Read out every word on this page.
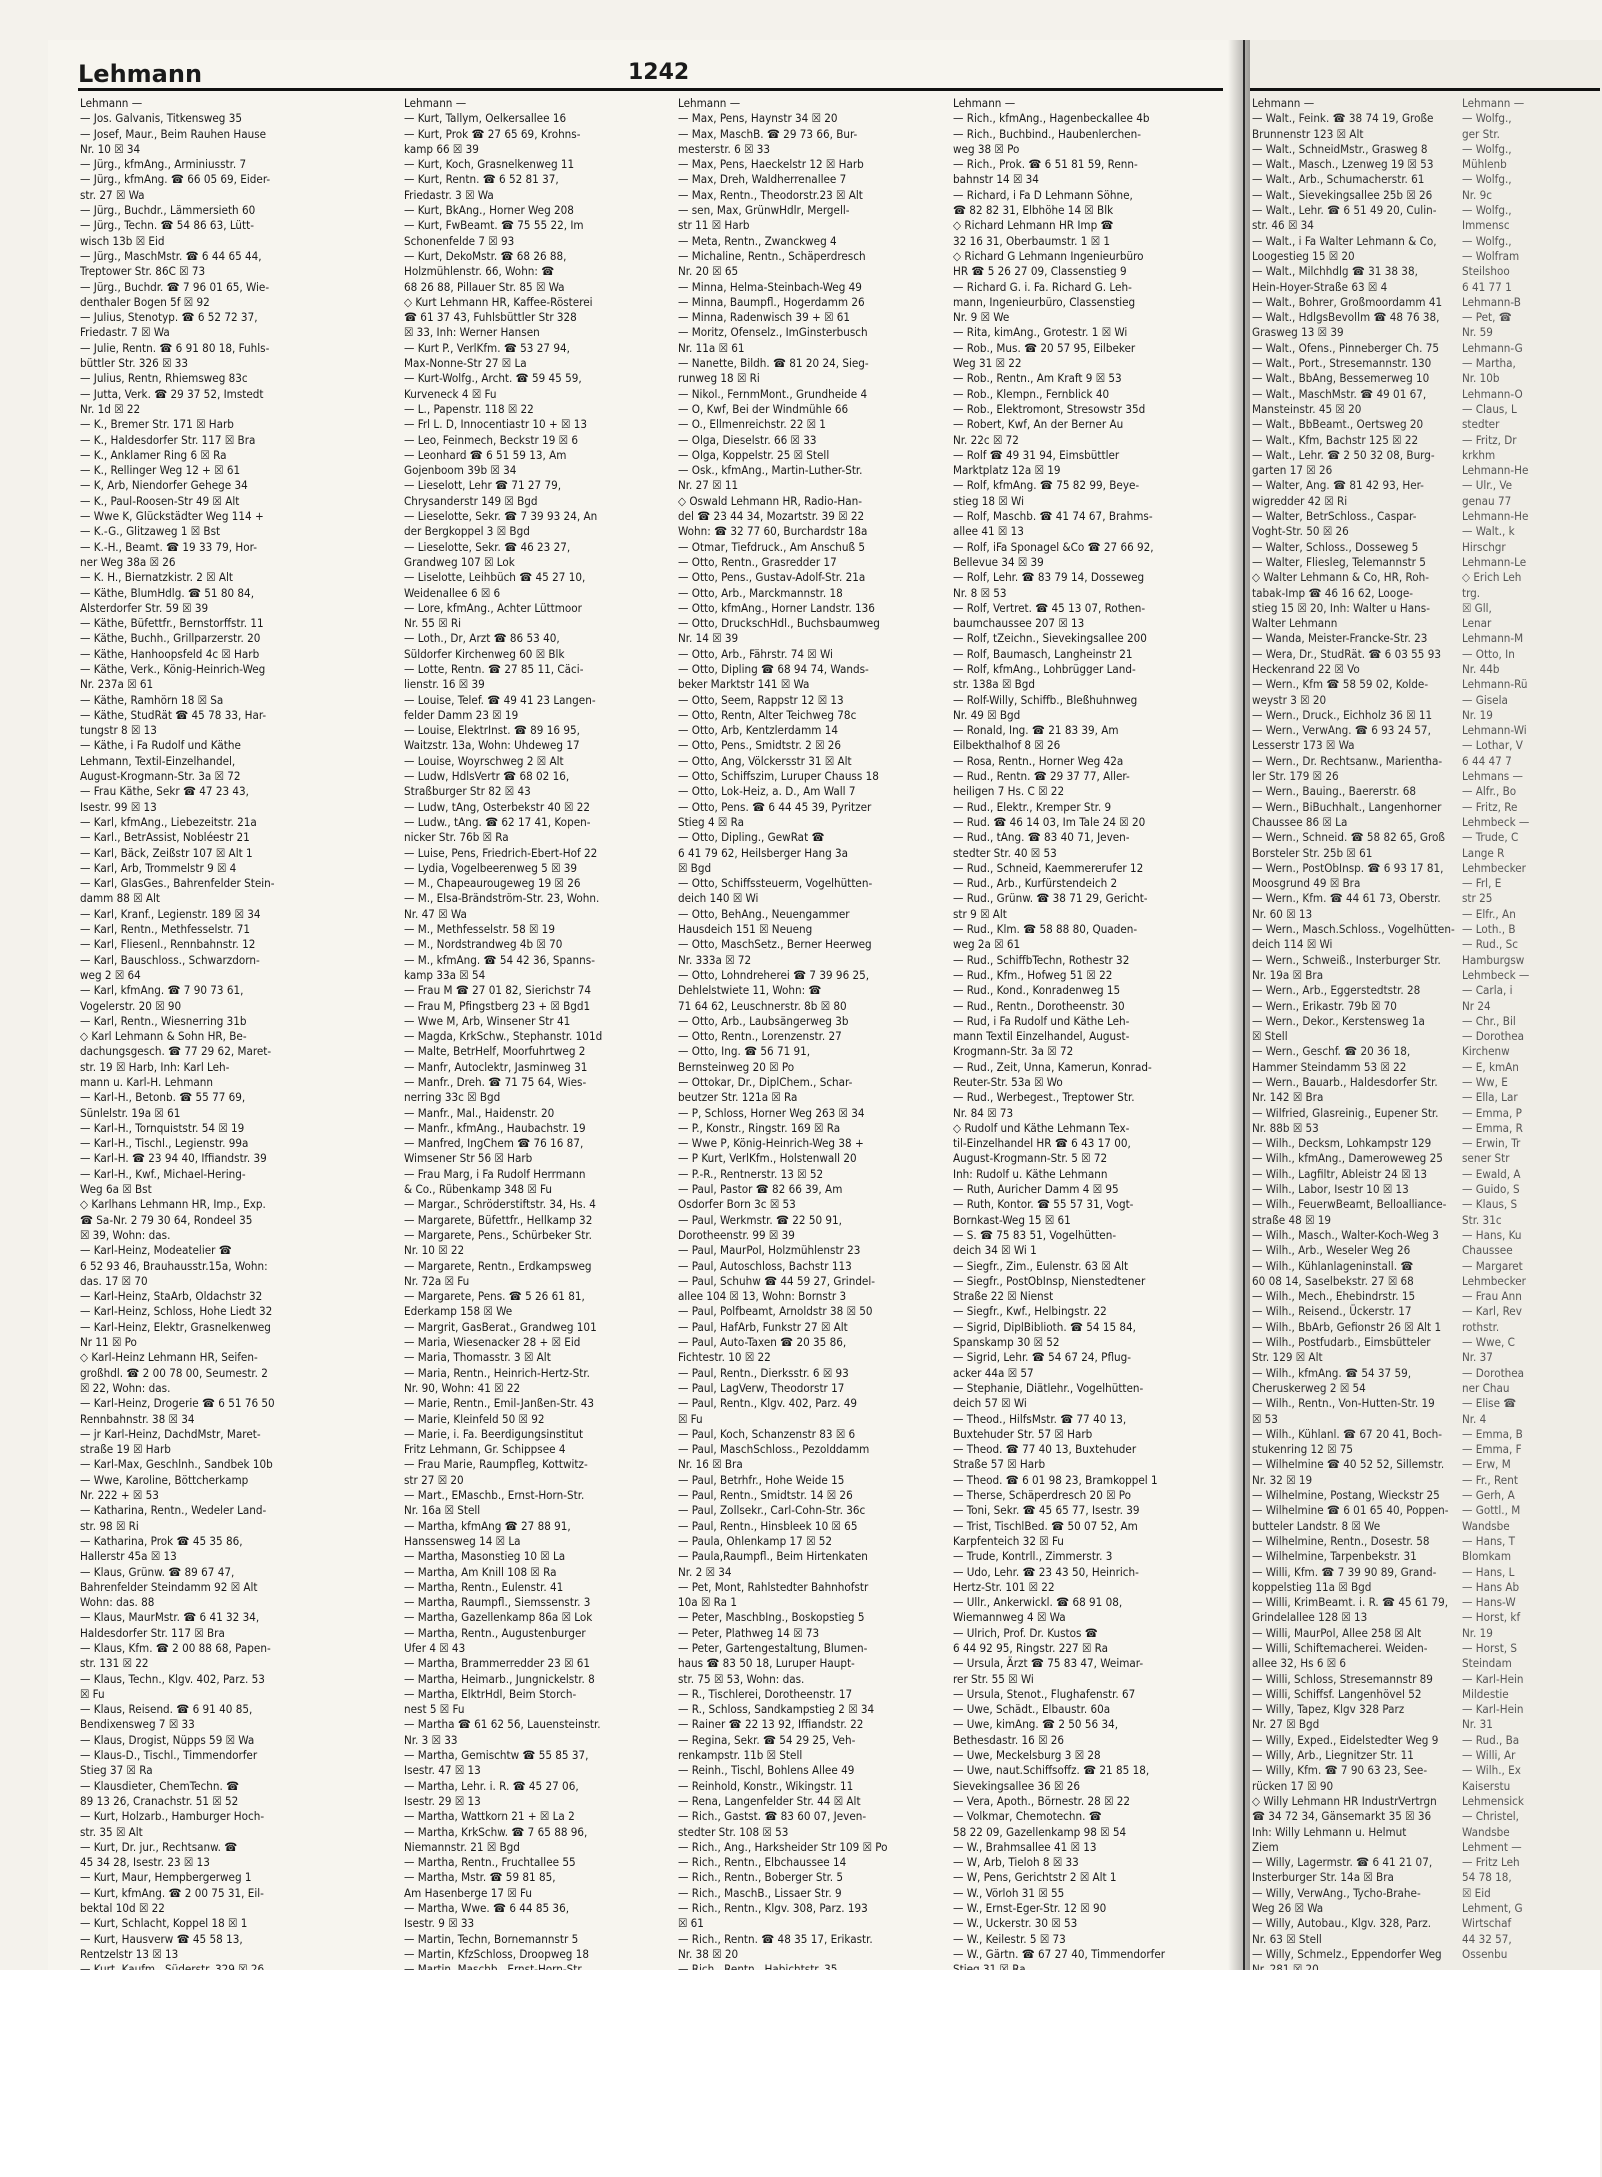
Lehmann	1242
Lehmann —
— Jos. Galvanis, Titkensweg 35
— Josef, Maur., Beim Rauhen Hause
Nr. 10 ☒ 34
— Jürg., kfmAng., Arminiusstr. 7
— Jürg., kfmAng. ☎ 66 05 69, Eider-
str. 27 ☒ Wa
— Jürg., Buchdr., Lämmersieth 60
— Jürg., Techn. ☎ 54 86 63, Lütt-
wisch 13b ☒ Eid
— Jürg., MaschMstr. ☎ 6 44 65 44,
Treptower Str. 86C ☒ 73
— Jürg., Buchdr. ☎ 7 96 01 65, Wie-
denthaler Bogen 5f ☒ 92
— Julius, Stenotyp. ☎ 6 52 72 37,
Friedastr. 7 ☒ Wa
— Julie, Rentn. ☎ 6 91 80 18, Fuhls-
büttler Str. 326 ☒ 33
— Julius, Rentn, Rhiemsweg 83c
— Jutta, Verk. ☎ 29 37 52, Imstedt
Nr. 1d ☒ 22
— K., Bremer Str. 171 ☒ Harb
— K., Haldesdorfer Str. 117 ☒ Bra
— K., Anklamer Ring 6 ☒ Ra
— K., Rellinger Weg 12 + ☒ 61
— K, Arb, Niendorfer Gehege 34
— K., Paul-Roosen-Str 49 ☒ Alt
— Wwe K, Glückstädter Weg 114 +
— K.-G., Glitzaweg 1 ☒ Bst
— K.-H., Beamt. ☎ 19 33 79, Hor-
ner Weg 38a ☒ 26
— K. H., Biernatzkistr. 2 ☒ Alt
— Käthe, BlumHdlg. ☎ 51 80 84,
Alsterdorfer Str. 59 ☒ 39
— Käthe, Büfettfr., Bernstorffstr. 11
— Käthe, Buchh., Grillparzerstr. 20
— Käthe, Hanhoopsfeld 4c ☒ Harb
— Käthe, Verk., König-Heinrich-Weg
Nr. 237a ☒ 61
— Käthe, Ramhörn 18 ☒ Sa
— Käthe, StudRät ☎ 45 78 33, Har-
tungstr 8 ☒ 13
— Käthe, i Fa Rudolf und Käthe
Lehmann, Textil-Einzelhandel,
August-Krogmann-Str. 3a ☒ 72
— Frau Käthe, Sekr ☎ 47 23 43,
Isestr. 99 ☒ 13
— Karl, kfmAng., Liebezeitstr. 21a
— Karl., BetrAssist, Nobléestr 21
— Karl, Bäck, Zeißstr 107 ☒ Alt 1
— Karl, Arb, Trommelstr 9 ☒ 4
— Karl, GlasGes., Bahrenfelder Stein-
damm 88 ☒ Alt
— Karl, Kranf., Legienstr. 189 ☒ 34
— Karl, Rentn., Methfesselstr. 71
— Karl, Fliesenl., Rennbahnstr. 12
— Karl, Bauschloss., Schwarzdorn-
weg 2 ☒ 64
— Karl, kfmAng. ☎ 7 90 73 61,
Vogelerstr. 20 ☒ 90
— Karl, Rentn., Wiesnerring 31b
◇ Karl Lehmann & Sohn HR, Be-
dachungsgesch. ☎ 77 29 62, Maret-
str. 19 ☒ Harb, Inh: Karl Leh-
mann u. Karl-H. Lehmann
— Karl-H., Betonb. ☎ 55 77 69,
Sünlelstr. 19a ☒ 61
— Karl-H., Tornquiststr. 54 ☒ 19
— Karl-H., Tischl., Legienstr. 99a
— Karl-H. ☎ 23 94 40, Iffiandstr. 39
— Karl-H., Kwf., Michael-Hering-
Weg 6a ☒ Bst
◇ Karlhans Lehmann HR, Imp., Exp.
☎ Sa-Nr. 2 79 30 64, Rondeel 35
☒ 39, Wohn: das.
— Karl-Heinz, Modeatelier ☎
6 52 93 46, Brauhausstr.15a, Wohn:
das. 17 ☒ 70
— Karl-Heinz, StaArb, Oldachstr 32
— Karl-Heinz, Schloss, Hohe Liedt 32
— Karl-Heinz, Elektr, Grasnelkenweg
Nr 11 ☒ Po
◇ Karl-Heinz Lehmann HR, Seifen-
großhdl. ☎ 2 00 78 00, Seumestr. 2
☒ 22, Wohn: das.
— Karl-Heinz, Drogerie ☎ 6 51 76 50
Rennbahnstr. 38 ☒ 34
— jr Karl-Heinz, DachdMstr, Maret-
straße 19 ☒ Harb
— Karl-Max, Geschlnh., Sandbek 10b
— Wwe, Karoline, Böttcherkamp
Nr. 222 + ☒ 53
— Katharina, Rentn., Wedeler Land-
str. 98 ☒ Ri
— Katharina, Prok ☎ 45 35 86,
Hallerstr 45a ☒ 13
— Klaus, Grünw. ☎ 89 67 47,
Bahrenfelder Steindamm 92 ☒ Alt
Wohn: das. 88
— Klaus, MaurMstr. ☎ 6 41 32 34,
Haldesdorfer Str. 117 ☒ Bra
— Klaus, Kfm. ☎ 2 00 88 68, Papen-
str. 131 ☒ 22
— Klaus, Techn., Klgv. 402, Parz. 53
☒ Fu
— Klaus, Reisend. ☎ 6 91 40 85,
Bendixensweg 7 ☒ 33
— Klaus, Drogist, Nüpps 59 ☒ Wa
— Klaus-D., Tischl., Timmendorfer
Stieg 37 ☒ Ra
— Klausdieter, ChemTechn. ☎
89 13 26, Cranachstr. 51 ☒ 52
— Kurt, Holzarb., Hamburger Hoch-
str. 35 ☒ Alt
— Kurt, Dr. jur., Rechtsanw. ☎
45 34 28, Isestr. 23 ☒ 13
— Kurt, Maur, Hempbergerweg 1
— Kurt, kfmAng. ☎ 2 00 75 31, Eil-
bektal 10d ☒ 22
— Kurt, Schlacht, Koppel 18 ☒ 1
— Kurt, Hausverw ☎ 45 58 13,
Rentzelstr 13 ☒ 13
Lehmann —
— Kurt, Tallym, Oelkersallee 16
— Kurt, Prok ☎ 27 65 69, Krohns-
kamp 66 ☒ 39
— Kurt, Koch, Grasnelkenweg 11
— Kurt, Rentn. ☎ 6 52 81 37,
Friedastr. 3 ☒ Wa
— Kurt, BkAng., Horner Weg 208
— Kurt, FwBeamt. ☎ 75 55 22, Im
Schonenfelde 7 ☒ 93
— Kurt, DekoMstr. ☎ 68 26 88,
Holzmühlenstr. 66, Wohn: ☎
68 26 88, Pillauer Str. 85 ☒ Wa
◇ Kurt Lehmann HR, Kaffee-Rösterei
☎ 61 37 43, Fuhlsbüttler Str 328
☒ 33, Inh: Werner Hansen
— Kurt P., VerlKfm. ☎ 53 27 94,
Max-Nonne-Str 27 ☒ La
— Kurt-Wolfg., Archt. ☎ 59 45 59,
Kurveneck 4 ☒ Fu
— L., Papenstr. 118 ☒ 22
— Frl L. D, Innocentiastr 10 + ☒ 13
— Leo, Feinmech, Beckstr 19 ☒ 6
— Leonhard ☎ 6 51 59 13, Am
Gojenboom 39b ☒ 34
— Lieselott, Lehr ☎ 71 27 79,
Chrysanderstr 149 ☒ Bgd
— Lieselotte, Sekr. ☎ 7 39 93 24, An
der Bergkoppel 3 ☒ Bgd
— Lieselotte, Sekr. ☎ 46 23 27,
Grandweg 107 ☒ Lok
— Liselotte, Leihbüch ☎ 45 27 10,
Weidenallee 6 ☒ 6
— Lore, kfmAng., Achter Lüttmoor
Nr. 55 ☒ Ri
— Loth., Dr, Arzt ☎ 86 53 40,
Süldorfer Kirchenweg 60 ☒ Blk
— Lotte, Rentn. ☎ 27 85 11, Cäci-
lienstr. 16 ☒ 39
— Louise, Telef. ☎ 49 41 23 Langen-
felder Damm 23 ☒ 19
— Louise, ElektrInst. ☎ 89 16 95,
Waitzstr. 13a, Wohn: Uhdeweg 17
— Louise, Woyrschweg 2 ☒ Alt
— Ludw, HdlsVertr ☎ 68 02 16,
Straßburger Str 82 ☒ 43
— Ludw, tAng, Osterbekstr 40 ☒ 22
— Ludw., tAng. ☎ 62 17 41, Kopen-
nicker Str. 76b ☒ Ra
— Luise, Pens, Friedrich-Ebert-Hof 22
— Lydia, Vogelbeerenweg 5 ☒ 39
— M., Chapeaurougeweg 19 ☒ 26
— M., Elsa-Brändström-Str. 23, Wohn.
Nr. 47 ☒ Wa
— M., Methfesselstr. 58 ☒ 19
— M., Nordstrandweg 4b ☒ 70
— M., kfmAng. ☎ 54 42 36, Spanns-
kamp 33a ☒ 54
— Frau M ☎ 27 01 82, Sierichstr 74
— Frau M, Pfingstberg 23 + ☒ Bgd1
— Wwe M, Arb, Winsener Str 41
— Magda, KrkSchw., Stephanstr. 101d
— Malte, BetrHelf, Moorfuhrtweg 2
— Manfr, Autoclektr, Jasminweg 31
— Manfr., Dreh. ☎ 71 75 64, Wies-
nerring 33c ☒ Bgd
— Manfr., Mal., Haidenstr. 20
— Manfr., kfmAng., Haubachstr. 19
— Manfred, IngChem ☎ 76 16 87,
Wimsener Str 56 ☒ Harb
— Frau Marg, i Fa Rudolf Herrmann
& Co., Rübenkamp 348 ☒ Fu
— Margar., Schröderstiftstr. 34, Hs. 4
— Margarete, Büfettfr., Hellkamp 32
— Margarete, Pens., Schürbeker Str.
Nr. 10 ☒ 22
— Margarete, Rentn., Erdkampsweg
Nr. 72a ☒ Fu
— Margarete, Pens. ☎ 5 26 61 81,
Ederkamp 158 ☒ We
— Margrit, GasBerat., Grandweg 101
— Maria, Wiesenacker 28 + ☒ Eid
— Maria, Thomasstr. 3 ☒ Alt
— Maria, Rentn., Heinrich-Hertz-Str.
Nr. 90, Wohn: 41 ☒ 22
— Marie, Rentn., Emil-Janßen-Str. 43
— Marie, Kleinfeld 50 ☒ 92
— Marie, i. Fa. Beerdigungsinstitut
Fritz Lehmann, Gr. Schippsee 4
— Frau Marie, Raumpfleg, Kottwitz-
str 27 ☒ 20
— Mart., EMaschb., Ernst-Horn-Str.
Nr. 16a ☒ Stell
— Martha, kfmAng ☎ 27 88 91,
Hanssensweg 14 ☒ La
— Martha, Masonstieg 10 ☒ La
— Martha, Am Knill 108 ☒ Ra
— Martha, Rentn., Eulenstr. 41
— Martha, Raumpfl., Siemssenstr. 3
— Martha, Gazellenkamp 86a ☒ Lok
— Martha, Rentn., Augustenburger
Ufer 4 ☒ 43
— Martha, Brammerredder 23 ☒ 61
— Martha, Heimarb., Jungnickelstr. 8
— Martha, ElktrHdl, Beim Storch-
nest 5 ☒ Fu
— Martha ☎ 61 62 56, Lauensteinstr.
Nr. 3 ☒ 33
— Martha, Gemischtw ☎ 55 85 37,
Isestr. 47 ☒ 13
— Martha, Lehr. i. R. ☎ 45 27 06,
Isestr. 29 ☒ 13
— Martha, Wattkorn 21 + ☒ La 2
— Martha, KrkSchw. ☎ 7 65 88 96,
Niemannstr. 21 ☒ Bgd
— Martha, Rentn., Fruchtallee 55
— Martha, Mstr. ☎ 59 81 85,
Am Hasenberge 17 ☒ Fu
— Martha, Wwe. ☎ 6 44 85 36,
Isestr. 9 ☒ 33
— Martin, Techn, Bornemannstr 5
— Martin, KfzSchloss, Droopweg 18
Lehmann —
— Max, Pens, Haynstr 34 ☒ 20
— Max, MaschB. ☎ 29 73 66, Bur-
mesterstr. 6 ☒ 33
— Max, Pens, Haeckelstr 12 ☒ Harb
— Max, Dreh, Waldherrenallee 7
— Max, Rentn., Theodorstr.23 ☒ Alt
— sen, Max, GrünwHdlr, Mergell-
str 11 ☒ Harb
— Meta, Rentn., Zwanckweg 4
— Michaline, Rentn., Schäperdresch
Nr. 20 ☒ 65
— Minna, Helma-Steinbach-Weg 49
— Minna, Baumpfl., Hogerdamm 26
— Minna, Radenwisch 39 + ☒ 61
— Moritz, Ofenselz., ImGinsterbusch
Nr. 11a ☒ 61
— Nanette, Bildh. ☎ 81 20 24, Sieg-
runweg 18 ☒ Ri
— Nikol., FernmMont., Grundheide 4
— O, Kwf, Bei der Windmühle 66
— O., Ellmenreichstr. 22 ☒ 1
— Olga, Dieselstr. 66 ☒ 33
— Olga, Koppelstr. 25 ☒ Stell
— Osk., kfmAng., Martin-Luther-Str.
Nr. 27 ☒ 11
◇ Oswald Lehmann HR, Radio-Han-
del ☎ 23 44 34, Mozartstr. 39 ☒ 22
Wohn: ☎ 32 77 60, Burchardstr 18a
— Otmar, Tiefdruck., Am Anschuß 5
— Otto, Rentn., Grasredder 17
— Otto, Pens., Gustav-Adolf-Str. 21a
— Otto, Arb., Marckmannstr. 18
— Otto, kfmAng., Horner Landstr. 136
— Otto, DruckschHdl., Buchsbaumweg
Nr. 14 ☒ 39
— Otto, Arb., Fährstr. 74 ☒ Wi
— Otto, Dipling ☎ 68 94 74, Wands-
beker Marktstr 141 ☒ Wa
— Otto, Seem, Rappstr 12 ☒ 13
— Otto, Rentn, Alter Teichweg 78c
— Otto, Arb, Kentzlerdamm 14
— Otto, Pens., Smidtstr. 2 ☒ 26
— Otto, Ang, Völckersstr 31 ☒ Alt
— Otto, Schiffszim, Luruper Chauss 18
— Otto, Lok-Heiz, a. D., Am Wall 7
— Otto, Pens. ☎ 6 44 45 39, Pyritzer
Stieg 4 ☒ Ra
— Otto, Dipling., GewRat ☎
6 41 79 62, Heilsberger Hang 3a
☒ Bgd
— Otto, Schiffssteuerm, Vogelhütten-
deich 140 ☒ Wi
— Otto, BehAng., Neuengammer
Hausdeich 151 ☒ Neueng
— Otto, MaschSetz., Berner Heerweg
Nr. 333a ☒ 72
— Otto, Lohndreherei ☎ 7 39 96 25,
Dehlelstwiete 11, Wohn: ☎
71 64 62, Leuschnerstr. 8b ☒ 80
— Otto, Arb., Laubsängerweg 3b
— Otto, Rentn., Lorenzenstr. 27
— Otto, Ing. ☎ 56 71 91,
Bernsteinweg 20 ☒ Po
— Ottokar, Dr., DiplChem., Schar-
beutzer Str. 121a ☒ Ra
— P, Schloss, Horner Weg 263 ☒ 34
— P., Konstr., Ringstr. 169 ☒ Ra
— Wwe P, König-Heinrich-Weg 38 +
— P Kurt, VerlKfm., Holstenwall 20
— P.-R., Rentnerstr. 13 ☒ 52
— Paul, Pastor ☎ 82 66 39, Am
Osdorfer Born 3c ☒ 53
— Paul, Werkmstr. ☎ 22 50 91,
Dorotheenstr. 99 ☒ 39
— Paul, MaurPol, Holzmühlenstr 23
— Paul, Autoschloss, Bachstr 113
— Paul, Schuhw ☎ 44 59 27, Grindel-
allee 104 ☒ 13, Wohn: Bornstr 3
— Paul, Polfbeamt, Arnoldstr 38 ☒ 50
— Paul, HafArb, Funkstr 27 ☒ Alt
— Paul, Auto-Taxen ☎ 20 35 86,
Fichtestr. 10 ☒ 22
— Paul, Rentn., Dierksstr. 6 ☒ 93
— Paul, LagVerw, Theodorstr 17
— Paul, Rentn., Klgv. 402, Parz. 49
☒ Fu
— Paul, Koch, Schanzenstr 83 ☒ 6
— Paul, MaschSchloss., Pezolddamm
Nr. 16 ☒ Bra
— Paul, Betrhfr., Hohe Weide 15
— Paul, Rentn., Smidtstr. 14 ☒ 26
— Paul, Zollsekr., Carl-Cohn-Str. 36c
— Paul, Rentn., Hinsbleek 10 ☒ 65
— Paula, Ohlenkamp 17 ☒ 52
— Paula,Raumpfl., Beim Hirtenkaten
Nr. 2 ☒ 34
— Pet, Mont, Rahlstedter Bahnhofstr
10a ☒ Ra 1
— Peter, MaschbIng., Boskopstieg 5
— Peter, Plathweg 14 ☒ 73
— Peter, Gartengestaltung, Blumen-
haus ☎ 83 50 18, Luruper Haupt-
str. 75 ☒ 53, Wohn: das.
— R., Tischlerei, Dorotheenstr. 17
— R., Schloss, Sandkampstieg 2 ☒ 34
— Rainer ☎ 22 13 92, Iffiandstr. 22
— Regina, Sekr. ☎ 54 29 25, Veh-
renkampstr. 11b ☒ Stell
— Reinh., Tischl, Bohlens Allee 49
— Reinhold, Konstr., Wikingstr. 11
— Rena, Langenfelder Str. 44 ☒ Alt
— Rich., Gastst. ☎ 83 60 07, Jeven-
stedter Str. 108 ☒ 53
— Rich., Ang., Harksheider Str 109 ☒ Po
— Rich., Rentn., Elbchaussee 14
— Rich., Rentn., Boberger Str. 5
— Rich., MaschB., Lissaer Str. 9
— Rich., Rentn., Klgv. 308, Parz. 193
☒ 61
— Rich., Rentn. ☎ 48 35 17, Erikastr.
Nr. 38 ☒ 20
Lehmann —
— Rich., kfmAng., Hagenbeckallee 4b
— Rich., Buchbind., Haubenlerchen-
weg 38 ☒ Po
— Rich., Prok. ☎ 6 51 81 59, Renn-
bahnstr 14 ☒ 34
— Richard, i Fa D Lehmann Söhne,
☎ 82 82 31, Elbhöhe 14 ☒ Blk
◇ Richard Lehmann HR Imp ☎
32 16 31, Oberbaumstr. 1 ☒ 1
◇ Richard G Lehmann Ingenieurbüro
HR ☎ 5 26 27 09, Classenstieg 9
— Richard G. i. Fa. Richard G. Leh-
mann, Ingenieurbüro, Classenstieg
Nr. 9 ☒ We
— Rita, kimAng., Grotestr. 1 ☒ Wi
— Rob., Mus. ☎ 20 57 95, Eilbeker
Weg 31 ☒ 22
— Rob., Rentn., Am Kraft 9 ☒ 53
— Rob., Klempn., Fernblick 40
— Rob., Elektromont, Stresowstr 35d
— Robert, Kwf, An der Berner Au
Nr. 22c ☒ 72
— Rolf ☎ 49 31 94, Eimsbüttler
Marktplatz 12a ☒ 19
— Rolf, kfmAng. ☎ 75 82 99, Beye-
stieg 18 ☒ Wi
— Rolf, Maschb. ☎ 41 74 67, Brahms-
allee 41 ☒ 13
— Rolf, iFa Sponagel &Co ☎ 27 66 92,
Bellevue 34 ☒ 39
— Rolf, Lehr. ☎ 83 79 14, Dosseweg
Nr. 8 ☒ 53
— Rolf, Vertret. ☎ 45 13 07, Rothen-
baumchaussee 207 ☒ 13
— Rolf, tZeichn., Sievekingsallee 200
— Rolf, Baumasch, Langheinstr 21
— Rolf, kfmAng., Lohbrügger Land-
str. 138a ☒ Bgd
— Rolf-Willy, Schiffb., Bleßhuhnweg
Nr. 49 ☒ Bgd
— Ronald, Ing. ☎ 21 83 39, Am
Eilbekthalhof 8 ☒ 26
— Rosa, Rentn., Horner Weg 42a
— Rud., Rentn. ☎ 29 37 77, Aller-
heiligen 7 Hs. C ☒ 22
— Rud., Elektr., Kremper Str. 9
— Rud. ☎ 46 14 03, Im Tale 24 ☒ 20
— Rud., tAng. ☎ 83 40 71, Jeven-
stedter Str. 40 ☒ 53
— Rud., Schneid, Kaemmererufer 12
— Rud., Arb., Kurfürstendeich 2
— Rud., Grünw. ☎ 38 71 29, Gericht-
str 9 ☒ Alt
— Rud., Klm. ☎ 58 88 80, Quaden-
weg 2a ☒ 61
— Rud., SchiffbTechn, Rothestr 32
— Rud., Kfm., Hofweg 51 ☒ 22
— Rud., Kond., Konradenweg 15
— Rud., Rentn., Dorotheenstr. 30
— Rud, i Fa Rudolf und Käthe Leh-
mann Textil Einzelhandel, August-
Krogmann-Str. 3a ☒ 72
— Rud., Zeit, Unna, Kamerun, Konrad-
Reuter-Str. 53a ☒ Wo
— Rud., Werbegest., Treptower Str.
Nr. 84 ☒ 73
◇ Rudolf und Käthe Lehmann Tex-
til-Einzelhandel HR ☎ 6 43 17 00,
August-Krogmann-Str. 5 ☒ 72
Inh: Rudolf u. Käthe Lehmann
— Ruth, Auricher Damm 4 ☒ 95
— Ruth, Kontor. ☎ 55 57 31, Vogt-
Bornkast-Weg 15 ☒ 61
— S. ☎ 75 83 51, Vogelhütten-
deich 34 ☒ Wi 1
— Siegfr., Zim., Eulenstr. 63 ☒ Alt
— Siegfr., PostObInsp, Nienstedtener
Straße 22 ☒ Nienst
— Siegfr., Kwf., Helbingstr. 22
— Sigrid, DiplBiblioth. ☎ 54 15 84,
Spanskamp 30 ☒ 52
— Sigrid, Lehr. ☎ 54 67 24, Pflug-
acker 44a ☒ 57
— Stephanie, Diätlehr., Vogelhütten-
deich 57 ☒ Wi
— Theod., HilfsMstr. ☎ 77 40 13,
Buxtehuder Str. 57 ☒ Harb
— Theod. ☎ 77 40 13, Buxtehuder
Straße 57 ☒ Harb
— Theod. ☎ 6 01 98 23, Bramkoppel 1
— Therse, Schäperdresch 20 ☒ Po
— Toni, Sekr. ☎ 45 65 77, Isestr. 39
— Trist, TischlBed. ☎ 50 07 52, Am
Karpfenteich 32 ☒ Fu
— Trude, Kontrll., Zimmerstr. 3
— Udo, Lehr. ☎ 23 43 50, Heinrich-
Hertz-Str. 101 ☒ 22
— Ullr., Ankerwickl. ☎ 68 91 08,
Wiemannweg 4 ☒ Wa
— Ulrich, Prof. Dr. Kustos ☎
6 44 92 95, Ringstr. 227 ☒ Ra
— Ursula, Ärzt ☎ 75 83 47, Weimar-
rer Str. 55 ☒ Wi
— Ursula, Stenot., Flughafenstr. 67
— Uwe, Schädt., Elbaustr. 60a
— Uwe, kimAng. ☎ 2 50 56 34,
Bethesdastr. 16 ☒ 26
— Uwe, Meckelsburg 3 ☒ 28
— Uwe, naut.Schiffsoffz. ☎ 21 85 18,
Sievekingsallee 36 ☒ 26
— Vera, Apoth., Börnestr. 28 ☒ 22
— Volkmar, Chemotechn. ☎
58 22 09, Gazellenkamp 98 ☒ 54
— W., Brahmsallee 41 ☒ 13
— W, Arb, Tieloh 8 ☒ 33
— W, Pens, Gerichtstr 2 ☒ Alt 1
— W., Vörloh 31 ☒ 55
— W., Ernst-Eger-Str. 12 ☒ 90
— W., Uckerstr. 30 ☒ 53
— W., Keilestr. 5 ☒ 73
— W., Gärtn. ☎ 67 27 40, Timmendorfer
Lehmann —
— Walt., Feink. ☎ 38 74 19, Große
Brunnenstr 123 ☒ Alt
— Walt., SchneidMstr., Grasweg 8
— Walt., Masch., Lzenweg 19 ☒ 53
— Walt., Arb., Schumacherstr. 61
— Walt., Sievekingsallee 25b ☒ 26
— Walt., Lehr. ☎ 6 51 49 20, Culin-
str. 46 ☒ 34
— Walt., i Fa Walter Lehmann & Co,
Loogestieg 15 ☒ 20
— Walt., Milchhdlg ☎ 31 38 38,
Hein-Hoyer-Straße 63 ☒ 4
— Walt., Bohrer, Großmoordamm 41
— Walt., HdlgsBevollm ☎ 48 76 38,
Grasweg 13 ☒ 39
— Walt., Ofens., Pinneberger Ch. 75
— Walt., Port., Stresemannstr. 130
— Walt., BbAng, Bessemerweg 10
— Walt., MaschMstr. ☎ 49 01 67,
Mansteinstr. 45 ☒ 20
— Walt., BbBeamt., Oertsweg 20
— Walt., Kfm, Bachstr 125 ☒ 22
— Walt., Lehr. ☎ 2 50 32 08, Burg-
garten 17 ☒ 26
— Walter, Ang. ☎ 81 42 93, Her-
wigredder 42 ☒ Ri
— Walter, BetrSchloss., Caspar-
Voght-Str. 50 ☒ 26
— Walter, Schloss., Dosseweg 5
— Walter, Fliesleg, Telemannstr 5
◇ Walter Lehmann & Co, HR, Roh-
tabak-Imp ☎ 46 16 62, Looge-
stieg 15 ☒ 20, Inh: Walter u Hans-
Walter Lehmann
— Wanda, Meister-Francke-Str. 23
— Wera, Dr., StudRät. ☎ 6 03 55 93
Heckenrand 22 ☒ Vo
— Wern., Kfm ☎ 58 59 02, Kolde-
weystr 3 ☒ 20
— Wern., Druck., Eichholz 36 ☒ 11
— Wern., VerwAng. ☎ 6 93 24 57,
Lesserstr 173 ☒ Wa
— Wern., Dr. Rechtsanw., Marientha-
ler Str. 179 ☒ 26
— Wern., Bauing., Baererstr. 68
— Wern., BiBuchhalt., Langenhorner
Chaussee 86 ☒ La
— Wern., Schneid. ☎ 58 82 65, Groß
Borsteler Str. 25b ☒ 61
— Wern., PostObInsp. ☎ 6 93 17 81,
Moosgrund 49 ☒ Bra
— Wern., Kfm. ☎ 44 61 73, Oberstr.
Nr. 60 ☒ 13
— Wern., Masch.Schloss., Vogelhütten-
deich 114 ☒ Wi
— Wern., Schweiß., Insterburger Str.
Nr. 19a ☒ Bra
— Wern., Arb., Eggerstedtstr. 28
— Wern., Erikastr. 79b ☒ 70
— Wern., Dekor., Kerstensweg 1a
☒ Stell
— Wern., Geschf. ☎ 20 36 18,
Hammer Steindamm 53 ☒ 22
— Wern., Bauarb., Haldesdorfer Str.
Nr. 142 ☒ Bra
— Wilfried, Glasreinig., Eupener Str.
Nr. 88b ☒ 53
— Wilh., Decksm, Lohkampstr 129
— Wilh., kfmAng., Dameroweweg 25
— Wilh., Lagfiltr, Ableistr 24 ☒ 13
— Wilh., Labor, Isestr 10 ☒ 13
— Wilh., FeuerwBeamt, Belloalliance-
straße 48 ☒ 19
— Wilh., Masch., Walter-Koch-Weg 3
— Wilh., Arb., Weseler Weg 26
— Wilh., Kühlanlageninstall. ☎
60 08 14, Saselbekstr. 27 ☒ 68
— Wilh., Mech., Ehebindrstr. 15
— Wilh., Reisend., Ückerstr. 17
— Wilh., BbArb, Gefionstr 26 ☒ Alt 1
— Wilh., Postfudarb., Eimsbütteler
Str. 129 ☒ Alt
— Wilh., kfmAng. ☎ 54 37 59,
Cheruskerweg 2 ☒ 54
— Wilh., Rentn., Von-Hutten-Str. 19
☒ 53
— Wilh., Kühlanl. ☎ 67 20 41, Boch-
stukenring 12 ☒ 75
— Wilhelmine ☎ 40 52 52, Sillemstr.
Nr. 32 ☒ 19
— Wilhelmine, Postang, Wieckstr 25
— Wilhelmine ☎ 6 01 65 40, Poppen-
butteler Landstr. 8 ☒ We
— Wilhelmine, Rentn., Dosestr. 58
— Wilhelmine, Tarpenbekstr. 31
— Willi, Kfm. ☎ 7 39 90 89, Grand-
koppelstieg 11a ☒ Bgd
— Willi, KrimBeamt. i. R. ☎ 45 61 79,
Grindelallee 128 ☒ 13
— Willi, MaurPol, Allee 258 ☒ Alt
— Willi, Schiftemacherei. Weiden-
allee 32, Hs 6 ☒ 6
— Willi, Schloss, Stresemannstr 89
— Willi, Schiffsf. Langenhövel 52
— Willy, Tapez, Klgv 328 Parz
Nr. 27 ☒ Bgd
— Willy, Exped., Eidelstedter Weg 9
— Willy, Arb., Liegnitzer Str. 11
— Willy, Kfm. ☎ 7 90 63 23, See-
rücken 17 ☒ 90
◇ Willy Lehmann HR IndustrVertrgn
☎ 34 72 34, Gänsemarkt 35 ☒ 36
Inh: Willy Lehmann u. Helmut
Ziem
— Willy, Lagermstr. ☎ 6 41 21 07,
Insterburger Str. 14a ☒ Bra
— Willy, VerwAng., Tycho-Brahe-
Weg 26 ☒ Wa
— Willy, Autobau., Klgv. 328, Parz.
Nr. 63 ☒ Stell
— Willy, Schmelz., Eppendorfer Weg
Lehmann —
— Wolfg.,
ger Str.
— Wolfg.,
Mühlenb
— Wolfg.,
Nr. 9c
— Wolfg.,
Immensc
— Wolfg.,
— Wolfram
Steilshoo
6 41 77 1
Lehmann-B
— Pet, ☎
Nr. 59
Lehmann-G
— Martha,
Nr. 10b
Lehmann-O
— Claus, L
stedter
— Fritz, Dr
krkhm
Lehmann-He
— Ulr., Ve
genau 77
Lehmann-He
— Walt., k
Hirschgr
Lehmann-Le
◇ Erich Leh
trg.
☒ Gll,
Lenar
Lehmann-M
— Otto, In
Nr. 44b
Lehmann-Rü
— Gisela
Nr. 19
Lehmann-Wi
— Lothar, V
6 44 47 7
Lehmans —
— Alfr., Bo
— Fritz, Re
Lehmbeck —
— Trude, C
Lange R
Lehmbecker
— Frl, E
str 25
— Elfr., An
— Loth., B
— Rud., Sc
Hamburgsw
Lehmbeck —
— Carla, i
Nr 24
— Chr., Bil
— Dorothea
Kirchenw
— E, kmAn
— Ww, E
— Ella, Lar
— Emma, P
— Emma, R
— Erwin, Tr
sener Str
— Ewald, A
— Guido, S
— Klaus, S
Str. 31c
— Hans, Ku
Chaussee
— Margaret
Lehmbecker
— Frau Ann
— Karl, Rev
rothstr.
— Wwe, C
Nr. 37
— Dorothea
ner Chau
— Elise ☎
Nr. 4
— Emma, B
— Emma, F
— Erw, M
— Fr., Rent
— Gerh, A
— Gottl., M
Wandsbe
— Hans, T
Blomkam
— Hans, L
— Hans Ab
— Hans-W
— Horst, kf
Nr. 19
— Horst, S
Steindam
— Karl-Hein
Mildestie
— Karl-Hein
Nr. 31
— Rud., Ba
— Willi, Ar
— Wilh., Ex
Kaiserstu
Lehmensick
— Christel,
Wandsbe
Lehment —
— Fritz Leh
54 78 18,
☒ Eid
Lehment, G
Wirtschaf
44 32 57,
Ossenbu
